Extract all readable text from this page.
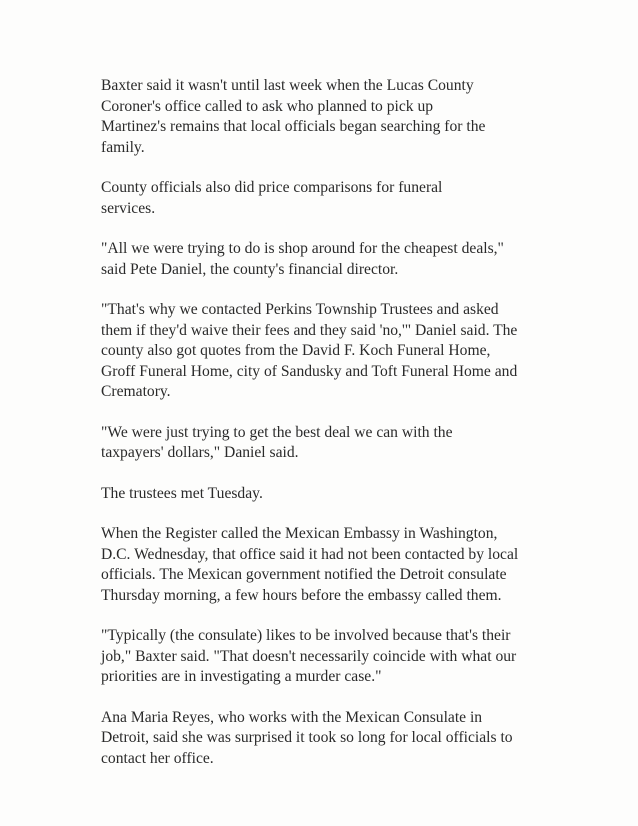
Baxter said it wasn't until last week when the Lucas County
Coroner's office called to ask who planned to pick up
Martinez's remains that local officials began searching for the
family.

County officials also did price comparisons for funeral
services.

"All we were trying to do is shop around for the cheapest deals,"
said Pete Daniel, the county's financial director.

"That's why we contacted Perkins Township Trustees and asked
them if they'd waive their fees and they said 'no,'" Daniel said. The
county also got quotes from the David F. Koch Funeral Home,
Groff Funeral Home, city of Sandusky and Toft Funeral Home and
Crematory.

"We were just trying to get the best deal we can with the
taxpayers' dollars," Daniel said.

The trustees met Tuesday.

When the Register called the Mexican Embassy in Washington,
D.C. Wednesday, that office said it had not been contacted by local
officials. The Mexican government notified the Detroit consulate
Thursday morning, a few hours before the embassy called them.

"Typically (the consulate) likes to be involved because that's their
job," Baxter said. "That doesn't necessarily coincide with what our
priorities are in investigating a murder case."

Ana Maria Reyes, who works with the Mexican Consulate in
Detroit, said she was surprised it took so long for local officials to
contact her office.
